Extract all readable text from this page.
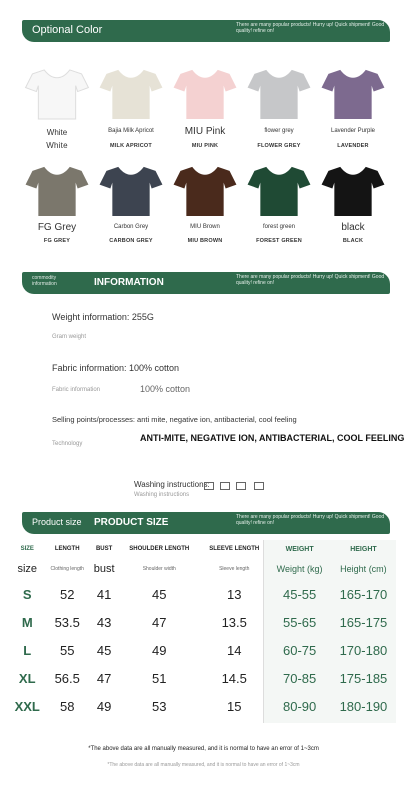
Optional Color	There are many popular products! Hurry up! Quick shipment! Good quality! refine on!
White
White
Bajia Milk Apricot
MILK APRICOT
MIU Pink
MIU PINK
flower grey
FLOWER GREY
Lavender Purple
LAVENDER
FG Grey
FG GREY
Carbon Grey
CARBON GREY
MIU Brown
MIU BROWN
forest green
FOREST GREEN
black
BLACK
commodity information	INFORMATION	There are many popular products! Hurry up! Quick shipment! Good quality! refine on!
Weight information: 255G
Gram weight
Fabric information: 100% cotton
Fabric information	100% cotton
Selling points/processes: anti mite, negative ion, antibacterial, cool feeling
Technology
ANTI-MITE, NEGATIVE ION, ANTIBACTERIAL, COOL FEELING
Washing instructions:
Washing instructions
Product size PRODUCT SIZE	There are many popular products! Hurry up! Quick shipment! Good quality! refine on!
SIZE	LENGTH	BUST	SHOULDER LENGTH	SLEEVE LENGTH	WEIGHT	HEIGHT
size	Clothing length	bust	Shoulder width	Sleeve length	Weight (kg)	Height (cm)
S	52	41	45	13	45-55	165-170
M	53.5	43	47	13.5	55-65	165-175
L	55	45	49	14	60-75	170-180
XL	56.5	47	51	14.5	70-85	175-185
XXL	58	49	53	15	80-90	180-190
*The above data are all manually measured, and it is normal to have an error of 1~3cm
*The above data are all manually measured, and it is normal to have an error of 1~3cm
